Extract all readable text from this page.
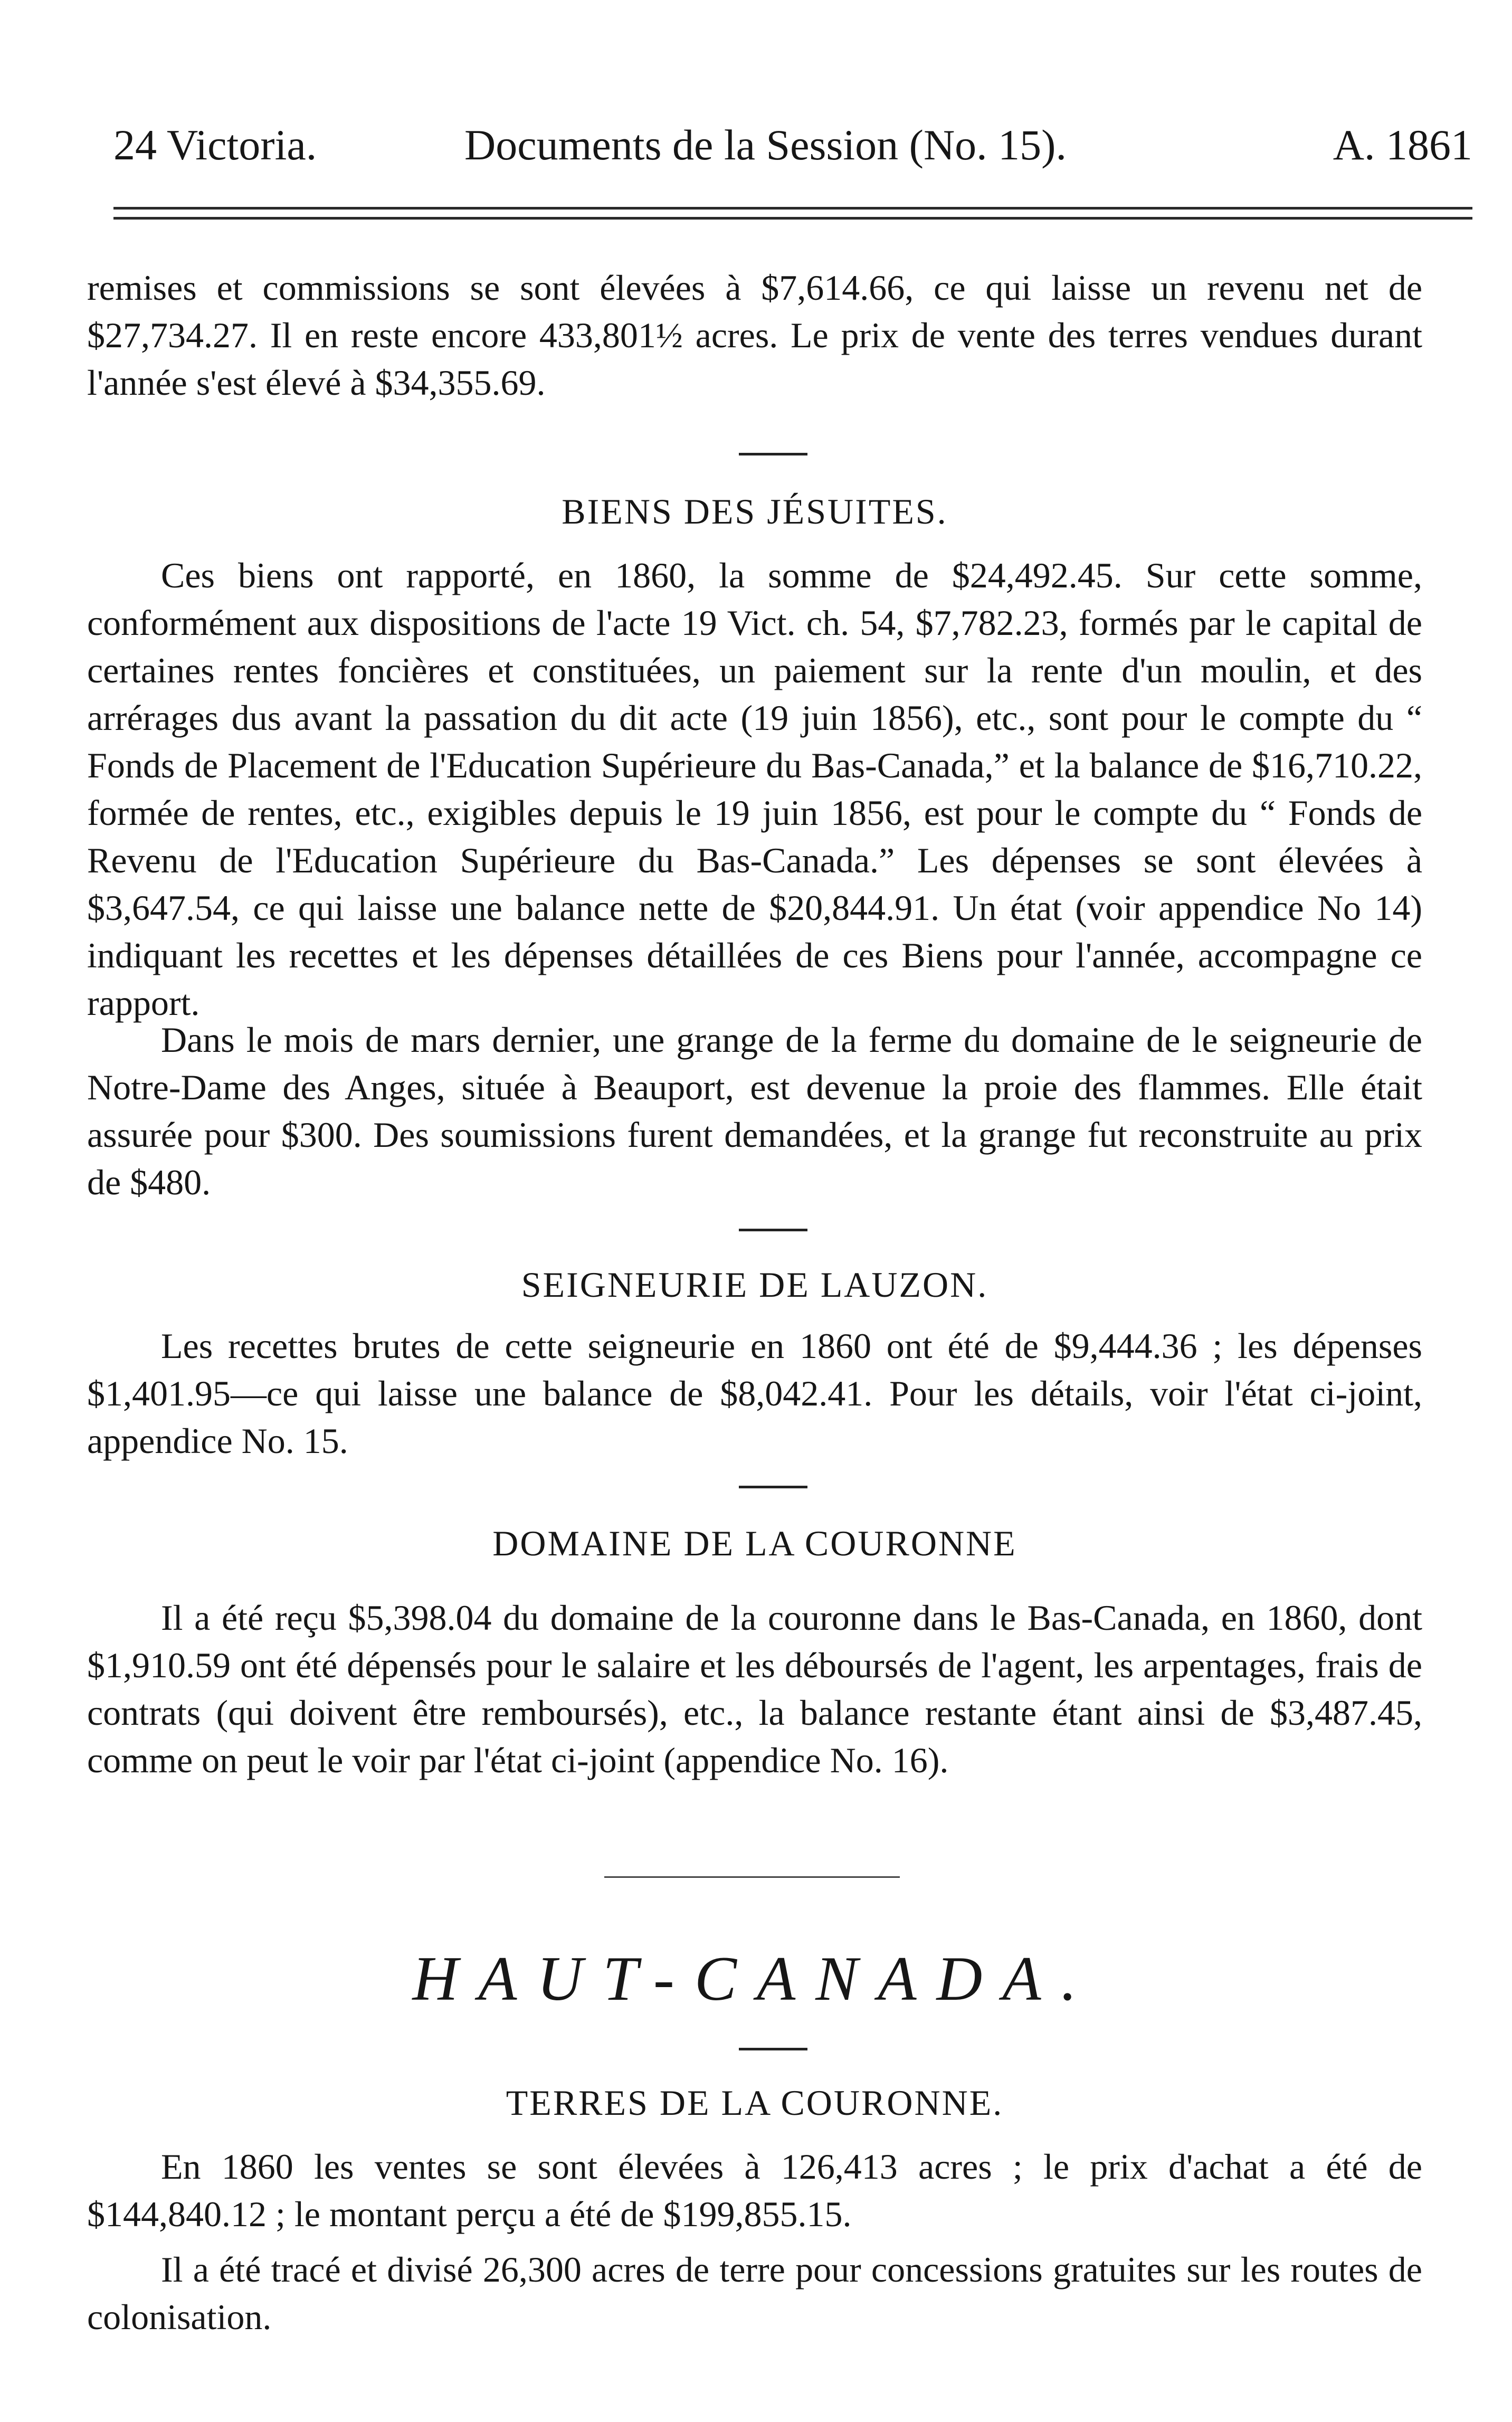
24 Victoria.	Documents de la Session (No. 15).	A. 1861

remises et commissions se sont élevées à $7,614.66, ce qui laisse un revenu net de $27,734.27. Il en reste encore 433,801½ acres. Le prix de vente des terres vendues durant l'année s'est élevé à $34,355.69.

BIENS DES JÉSUITES.

Ces biens ont rapporté, en 1860, la somme de $24,492.45. Sur cette somme, conformément aux dispositions de l'acte 19 Vict. ch. 54, $7,782.23, formés par le capital de certaines rentes foncières et constituées, un paiement sur la rente d'un moulin, et des arrérages dus avant la passation du dit acte (19 juin 1856), etc., sont pour le compte du “ Fonds de Placement de l'Education Supérieure du Bas-Canada,” et la balance de $16,710.22, formée de rentes, etc., exigibles depuis le 19 juin 1856, est pour le compte du “ Fonds de Revenu de l'Education Supérieure du Bas-Canada.” Les dépenses se sont élevées à $3,647.54, ce qui laisse une balance nette de $20,844.91. Un état (voir appendice No 14) indiquant les recettes et les dépenses détaillées de ces Biens pour l'année, accompagne ce rapport.

Dans le mois de mars dernier, une grange de la ferme du domaine de le seigneurie de Notre-Dame des Anges, située à Beauport, est devenue la proie des flammes. Elle était assurée pour $300. Des soumissions furent demandées, et la grange fut reconstruite au prix de $480.

SEIGNEURIE DE LAUZON.

Les recettes brutes de cette seigneurie en 1860 ont été de $9,444.36 ; les dépenses $1,401.95—ce qui laisse une balance de $8,042.41. Pour les détails, voir l'état ci-joint, appendice No. 15.

DOMAINE DE LA COURONNE

Il a été reçu $5,398.04 du domaine de la couronne dans le Bas-Canada, en 1860, dont $1,910.59 ont été dépensés pour le salaire et les déboursés de l'agent, les arpentages, frais de contrats (qui doivent être remboursés), etc., la balance restante étant ainsi de $3,487.45, comme on peut le voir par l'état ci-joint (appendice No. 16).

HAUT-CANADA.

TERRES DE LA COURONNE.

En 1860 les ventes se sont élevées à 126,413 acres ; le prix d'achat a été de $144,840.12 ; le montant perçu a été de $199,855.15.

Il a été tracé et divisé 26,300 acres de terre pour concessions gratuites sur les routes de colonisation.
